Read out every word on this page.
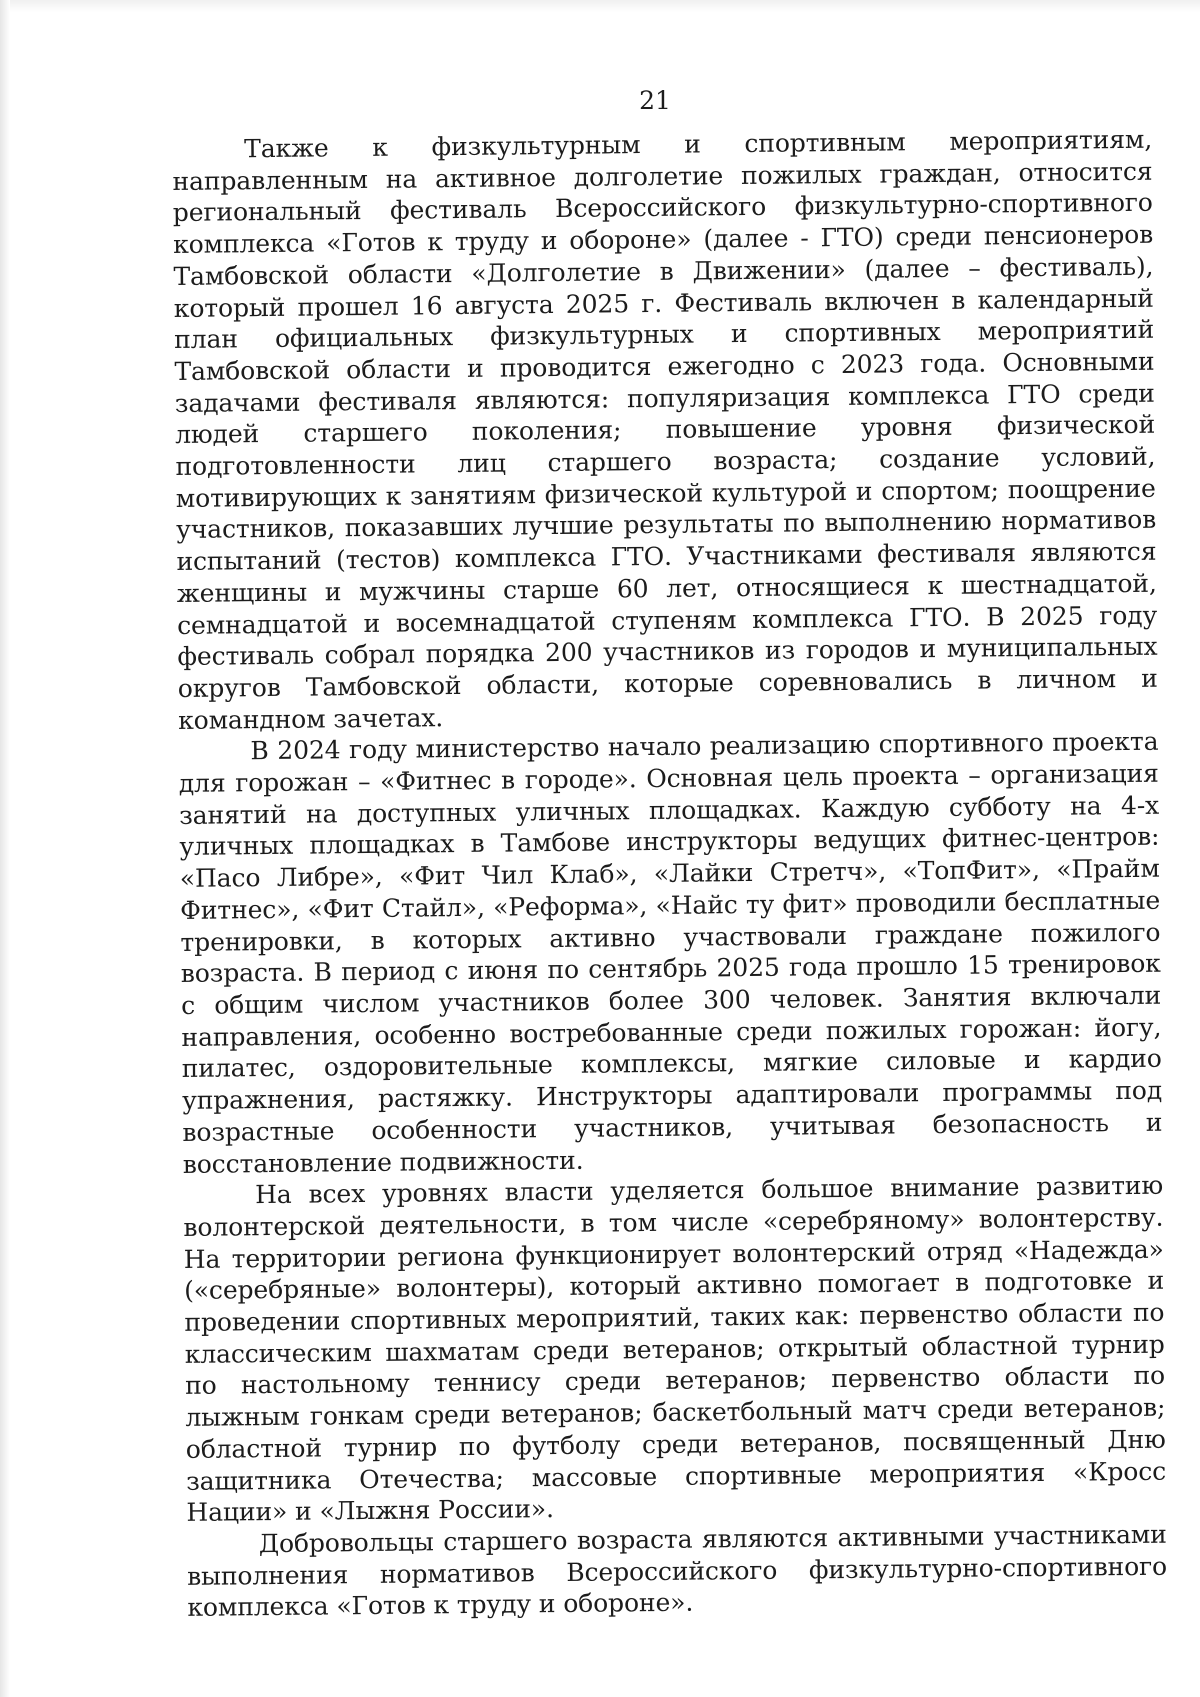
21

Также к физкультурным и спортивным мероприятиям, направленным на активное долголетие пожилых граждан, относится региональный фестиваль Всероссийского физкультурно-спортивного комплекса «Готов к труду и обороне» (далее - ГТО) среди пенсионеров Тамбовской области «Долголетие в Движении» (далее – фестиваль), который прошел 16 августа 2025 г. Фестиваль включен в календарный план официальных физкультурных и спортивных мероприятий Тамбовской области и проводится ежегодно с 2023 года. Основными задачами фестиваля являются: популяризация комплекса ГТО среди людей старшего поколения; повышение уровня физической подготовленности лиц старшего возраста; создание условий, мотивирующих к занятиям физической культурой и спортом; поощрение участников, показавших лучшие результаты по выполнению нормативов испытаний (тестов) комплекса ГТО. Участниками фестиваля являются женщины и мужчины старше 60 лет, относящиеся к шестнадцатой, семнадцатой и восемнадцатой ступеням комплекса ГТО. В 2025 году фестиваль собрал порядка 200 участников из городов и муниципальных округов Тамбовской области, которые соревновались в личном и командном зачетах.

В 2024 году министерство начало реализацию спортивного проекта для горожан – «Фитнес в городе». Основная цель проекта – организация занятий на доступных уличных площадках. Каждую субботу на 4-х уличных площадках в Тамбове инструкторы ведущих фитнес-центров: «Пасо Либре», «Фит Чил Клаб», «Лайки Стретч», «ТопФит», «Прайм Фитнес», «Фит Стайл», «Реформа», «Найс ту фит» проводили бесплатные тренировки, в которых активно участвовали граждане пожилого возраста. В период с июня по сентябрь 2025 года прошло 15 тренировок с общим числом участников более 300 человек. Занятия включали направления, особенно востребованные среди пожилых горожан: йогу, пилатес, оздоровительные комплексы, мягкие силовые и кардио упражнения, растяжку. Инструкторы адаптировали программы под возрастные особенности участников, учитывая безопасность и восстановление подвижности.

На всех уровнях власти уделяется большое внимание развитию волонтерской деятельности, в том числе «серебряному» волонтерству. На территории региона функционирует волонтерский отряд «Надежда» («серебряные» волонтеры), который активно помогает в подготовке и проведении спортивных мероприятий, таких как: первенство области по классическим шахматам среди ветеранов; открытый областной турнир по настольному теннису среди ветеранов; первенство области по лыжным гонкам среди ветеранов; баскетбольный матч среди ветеранов; областной турнир по футболу среди ветеранов, посвященный Дню защитника Отечества; массовые спортивные мероприятия «Кросс Нации» и «Лыжня России».

Добровольцы старшего возраста являются активными участниками выполнения нормативов Всероссийского физкультурно-спортивного комплекса «Готов к труду и обороне».
